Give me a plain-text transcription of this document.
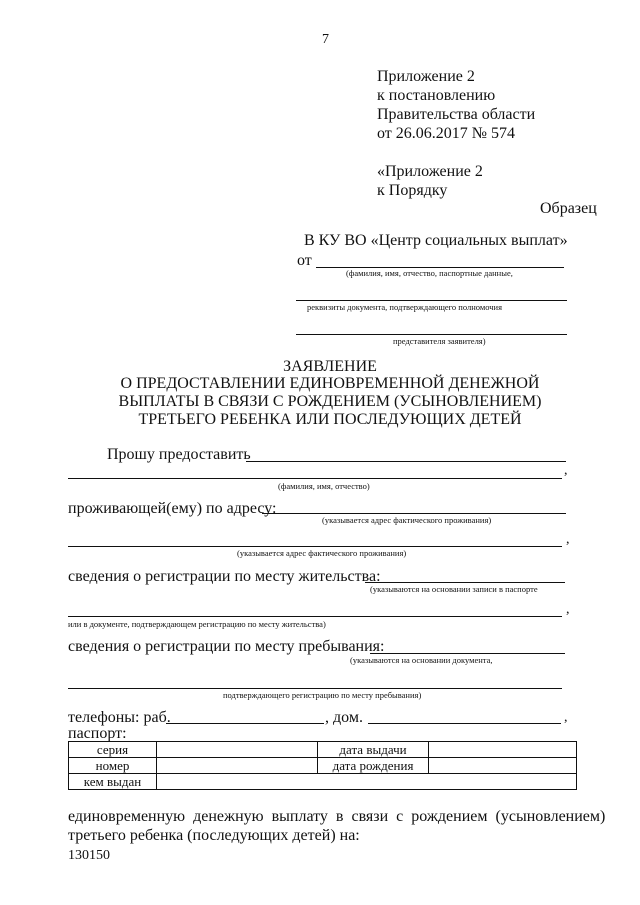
7
Приложение 2
к постановлению
Правительства области
от 26.06.2017 № 574
«Приложение 2
к Порядку
Образец
В КУ ВО «Центр социальных выплат»
от
(фамилия, имя, отчество, паспортные данные,
реквизиты документа, подтверждающего полномочия
представителя заявителя)
ЗАЯВЛЕНИЕ
О ПРЕДОСТАВЛЕНИИ ЕДИНОВРЕМЕННОЙ ДЕНЕЖНОЙ
ВЫПЛАТЫ В СВЯЗИ С РОЖДЕНИЕМ (УСЫНОВЛЕНИЕМ)
ТРЕТЬЕГО РЕБЕНКА ИЛИ ПОСЛЕДУЮЩИХ ДЕТЕЙ
Прошу предоставить
,
(фамилия, имя, отчество)
проживающей(ему) по адресу:
(указывается адрес фактического проживания)
,
(указывается адрес фактического проживания)
сведения о регистрации по месту жительства:
(указываются на основании записи в паспорте
,
или в документе, подтверждающем регистрацию по месту жительства)
сведения о регистрации по месту пребывания:
(указываются на основании документа,
подтверждающего регистрацию по месту пребывания)
телефоны: раб.	, дом.	,
паспорт:
серия		дата выдачи	
номер		дата рождения	
кем выдан			
единовременную  денежную  выплату  в  связи  с  рождением  (усыновлением)
третьего ребенка (последующих детей) на:
130150
